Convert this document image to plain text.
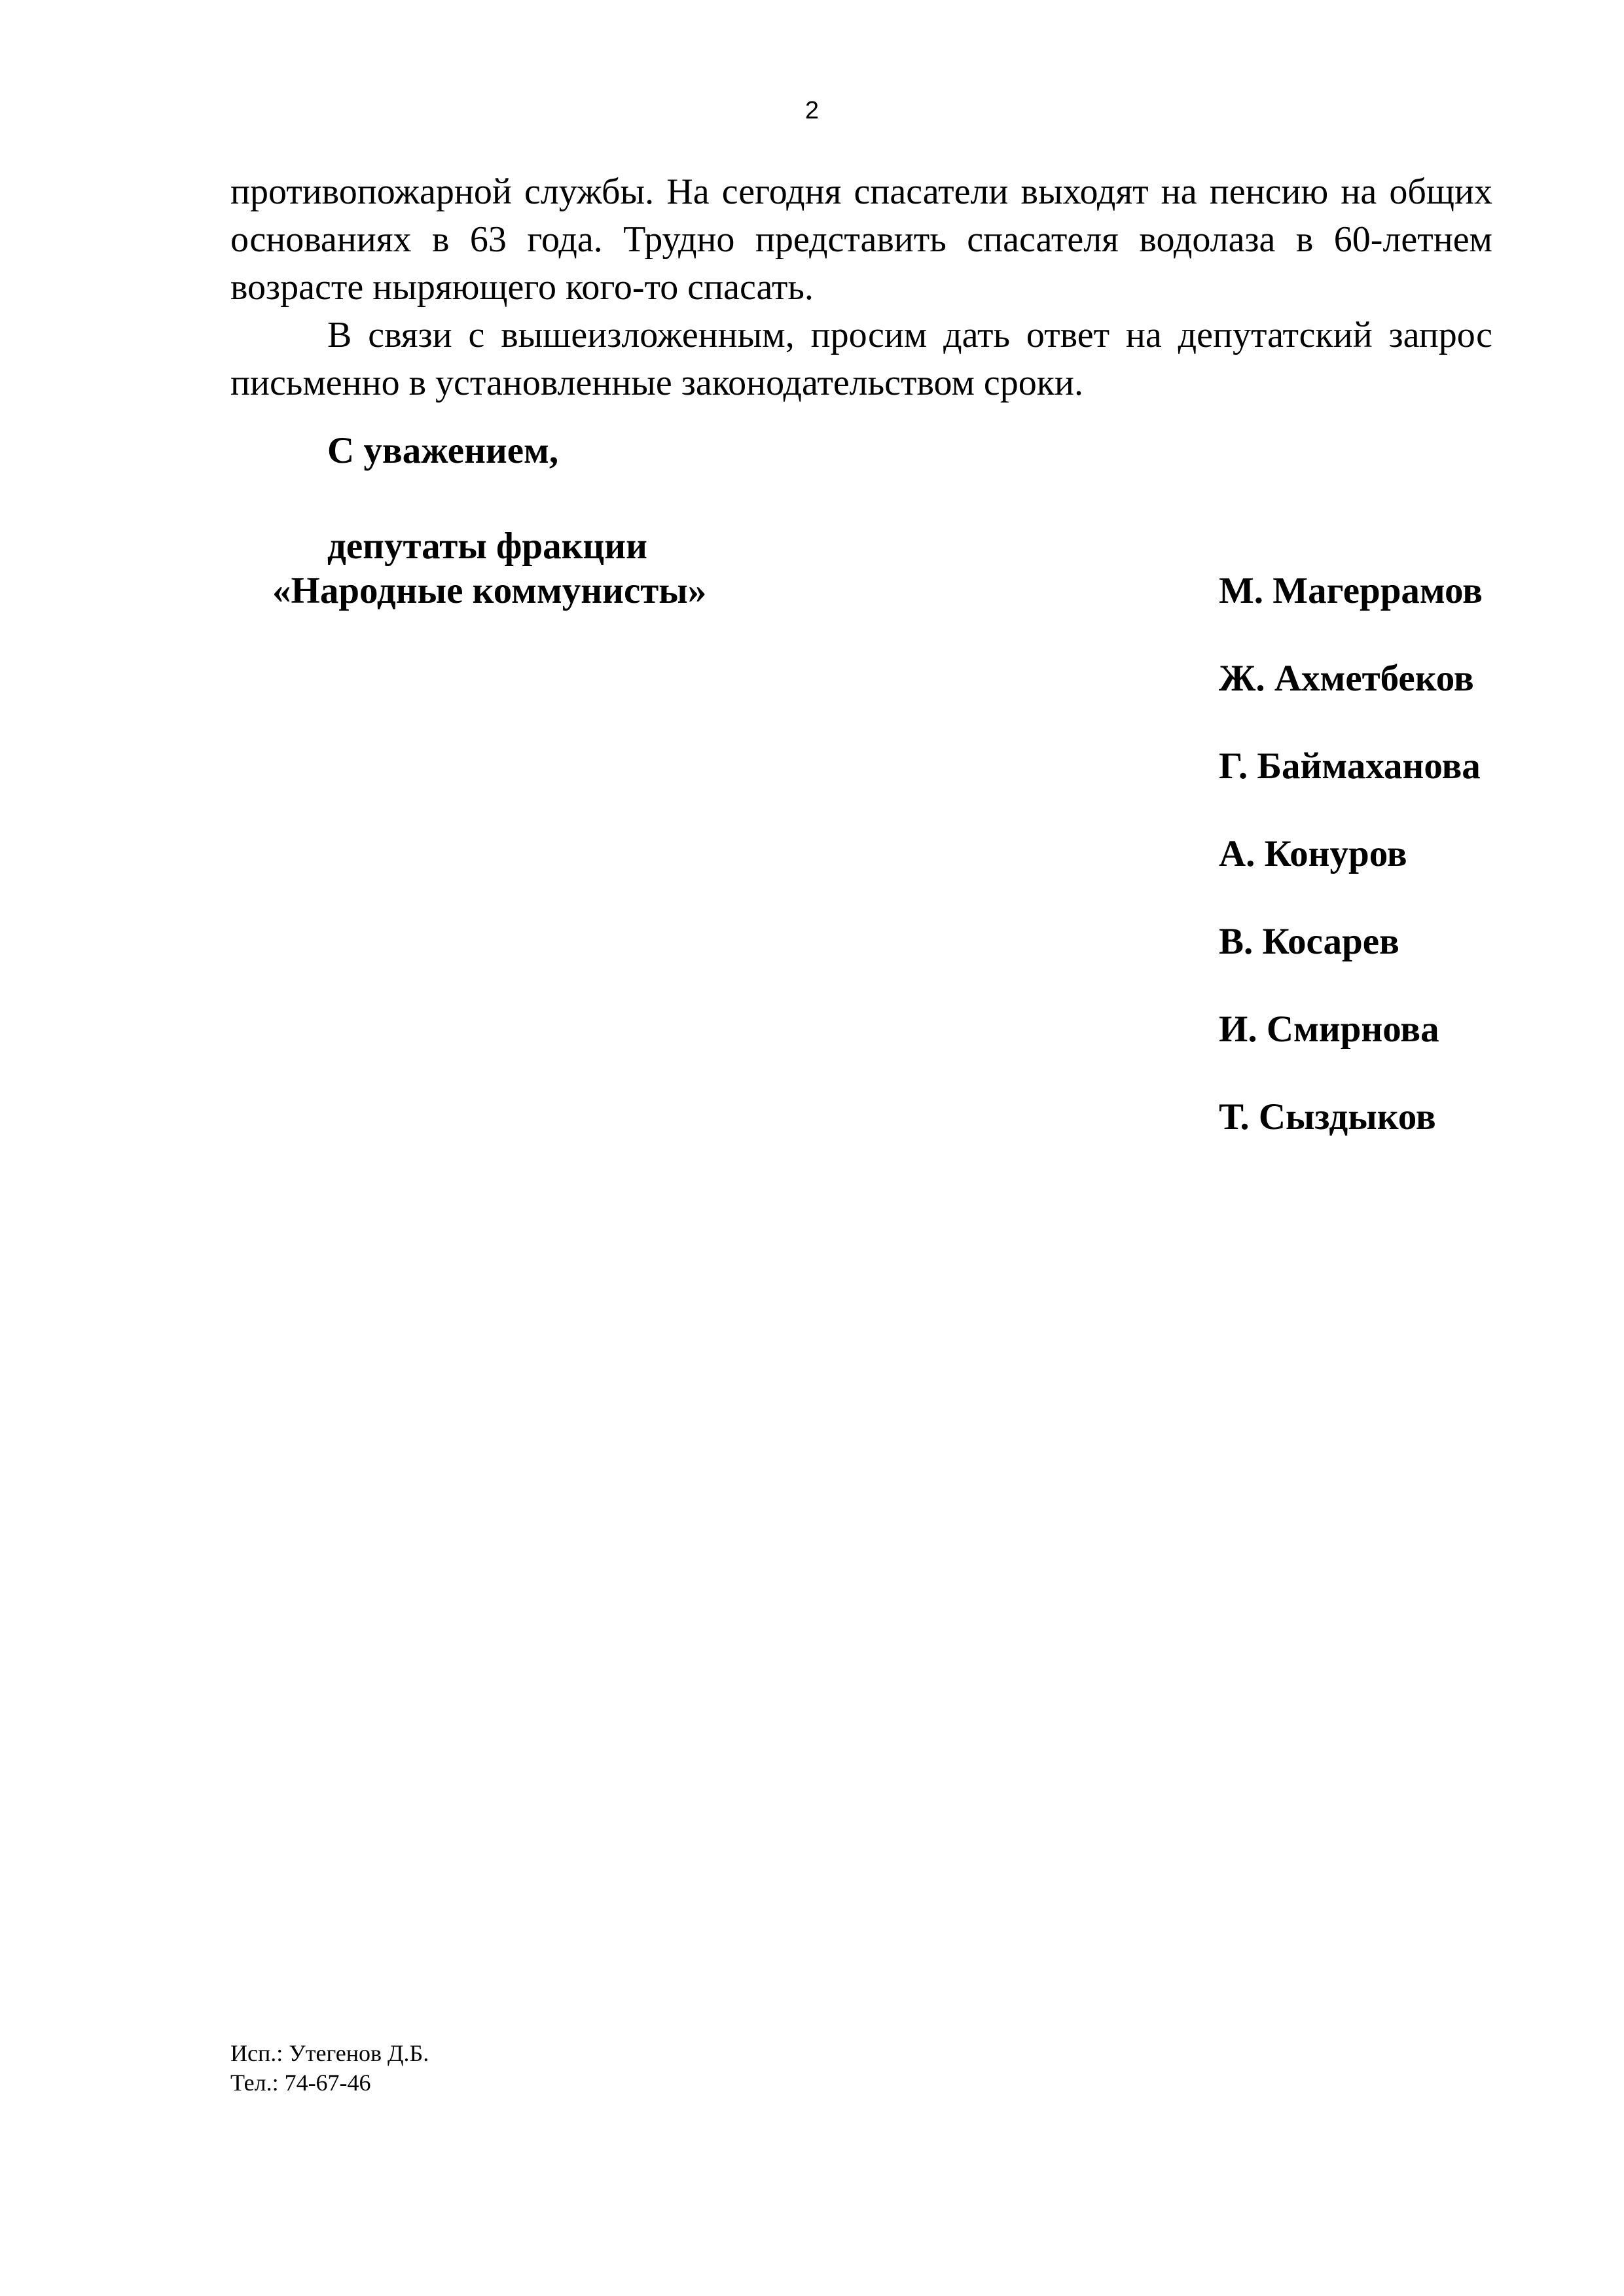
2

противопожарной службы. На сегодня спасатели выходят на пенсию на общих основаниях в 63 года. Трудно представить спасателя водолаза в 60-летнем возрасте ныряющего кого-то спасать.

В связи с вышеизложенным, просим дать ответ на депутатский запрос письменно в установленные законодательством сроки.

С уважением,

депутаты фракции

«Народные коммунисты»	М. Магеррамов
Ж. Ахметбеков
Г. Баймаханова
А. Конуров
В. Косарев
И. Смирнова
Т. Сыздыков
Исп.: Утегенов Д.Б.
Тел.: 74-67-46
